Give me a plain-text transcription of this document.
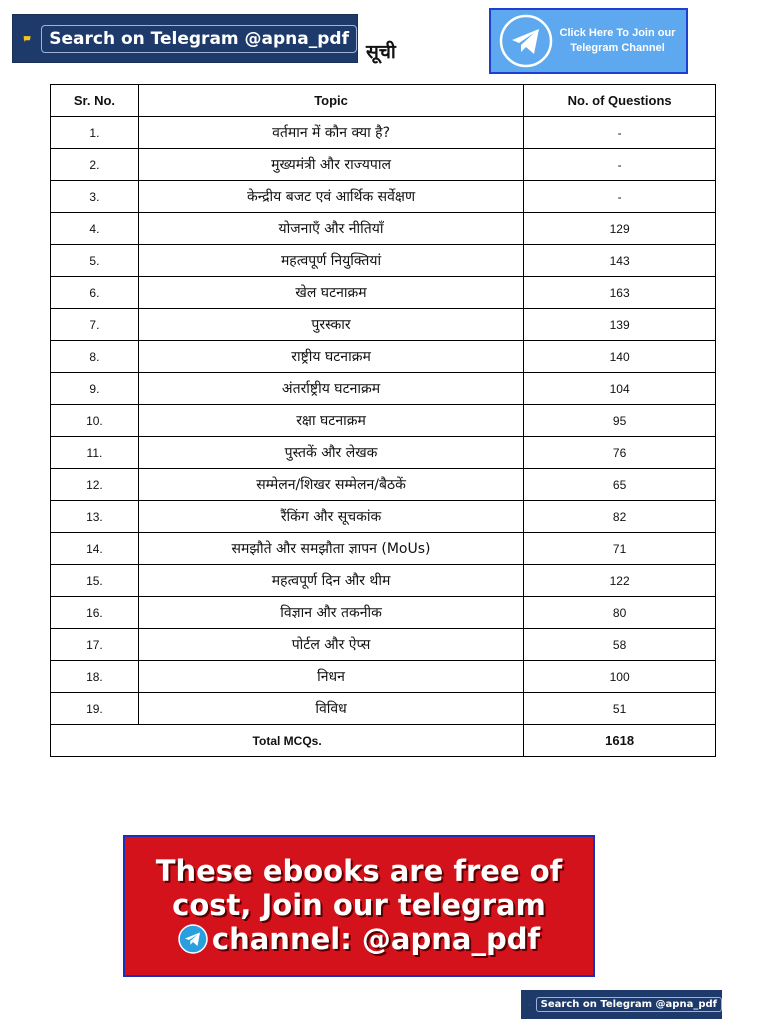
Search on Telegram @apna_pdf
सूची
Click Here To Join our Telegram Channel
Sr. No.	Topic	No. of Questions
1.	वर्तमान में कौन क्या है?	-
2.	मुख्यमंत्री और राज्यपाल	-
3.	केन्द्रीय बजट एवं आर्थिक सर्वेक्षण	-
4.	योजनाएँ और नीतियाँ	129
5.	महत्वपूर्ण नियुक्तियां	143
6.	खेल घटनाक्रम	163
7.	पुरस्कार	139
8.	राष्ट्रीय घटनाक्रम	140
9.	अंतर्राष्ट्रीय घटनाक्रम	104
10.	रक्षा घटनाक्रम	95
11.	पुस्तकें और लेखक	76
12.	सम्मेलन/शिखर सम्मेलन/बैठकें	65
13.	रैंकिंग और सूचकांक	82
14.	समझौते और समझौता ज्ञापन (MoUs)	71
15.	महत्वपूर्ण दिन और थीम	122
16.	विज्ञान और तकनीक	80
17.	पोर्टल और ऐप्स	58
18.	निधन	100
19.	विविध	51
Total MCQs.		1618
These ebooks are free of
cost, Join our telegram
channel: @apna_pdf
Search on Telegram @apna_pdf
